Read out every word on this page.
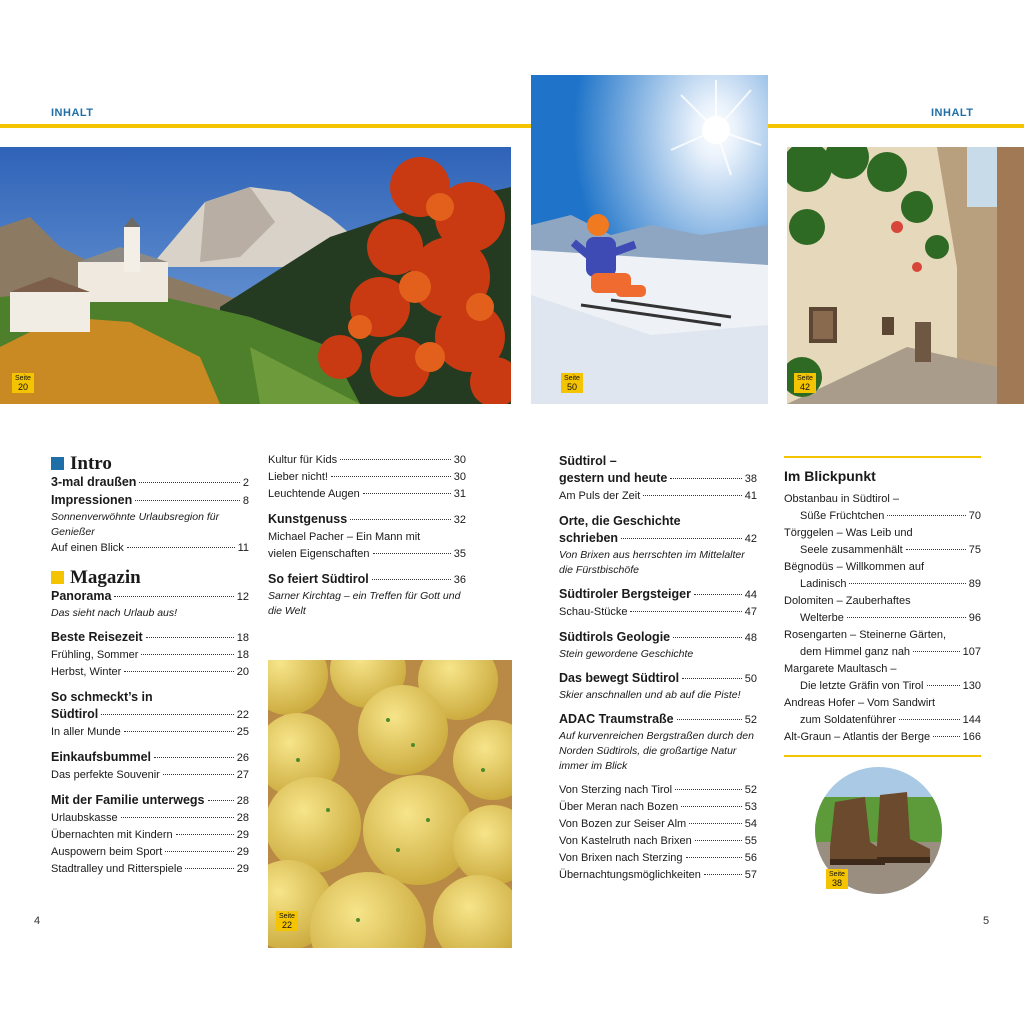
INHALT	INHALT
Seite
20
Seite
50
Seite
42
Seite
22
Seite
38
Intro
3-mal draußen	2
Impressionen	8
Sonnenverwöhnte Urlaubsregion für Genießer
Auf einen Blick	11
Magazin
Panorama	12
Das sieht nach Urlaub aus!
Beste Reisezeit	18
Frühling, Sommer	18
Herbst, Winter	20
So schmeckt’s in
Südtirol	22
In aller Munde	25
Einkaufsbummel	26
Das perfekte Souvenir	27
Mit der Familie unterwegs	28
Urlaubskasse	28
Übernachten mit Kindern	29
Auspowern beim Sport	29
Stadtralley und Ritterspiele	29
Kultur für Kids	30
Lieber nicht!	30
Leuchtende Augen	31
Kunstgenuss	32
Michael Pacher – Ein Mann mit
vielen Eigenschaften	35
So feiert Südtirol	36
Sarner Kirchtag – ein Treffen für Gott und die Welt
Südtirol –
gestern und heute	38
Am Puls der Zeit	41
Orte, die Geschichte
schrieben	42
Von Brixen aus herrschten im Mittelalter die Fürstbischöfe
Südtiroler Bergsteiger	44
Schau-Stücke	47
Südtirols Geologie	48
Stein gewordene Geschichte
Das bewegt Südtirol	50
Skier anschnallen und ab auf die Piste!
ADAC Traumstraße	52
Auf kurvenreichen Bergstraßen durch den Norden Südtirols, die großartige Natur immer im Blick
Von Sterzing nach Tirol	52
Über Meran nach Bozen	53
Von Bozen zur Seiser Alm	54
Von Kastelruth nach Brixen	55
Von Brixen nach Sterzing	56
Übernachtungsmöglichkeiten	57
Im Blickpunkt
Obstanbau in Südtirol –
Süße Früchtchen	70
Törggelen – Was Leib und
Seele zusammenhält	75
Bëgnodüs – Willkommen auf
Ladinisch	89
Dolomiten – Zauberhaftes
Welterbe	96
Rosengarten – Steinerne Gärten,
dem Himmel ganz nah	107
Margarete Maultasch –
Die letzte Gräfin von Tirol	130
Andreas Hofer – Vom Sandwirt
zum Soldatenführer	144
Alt-Graun – Atlantis der Berge	166
4	5
